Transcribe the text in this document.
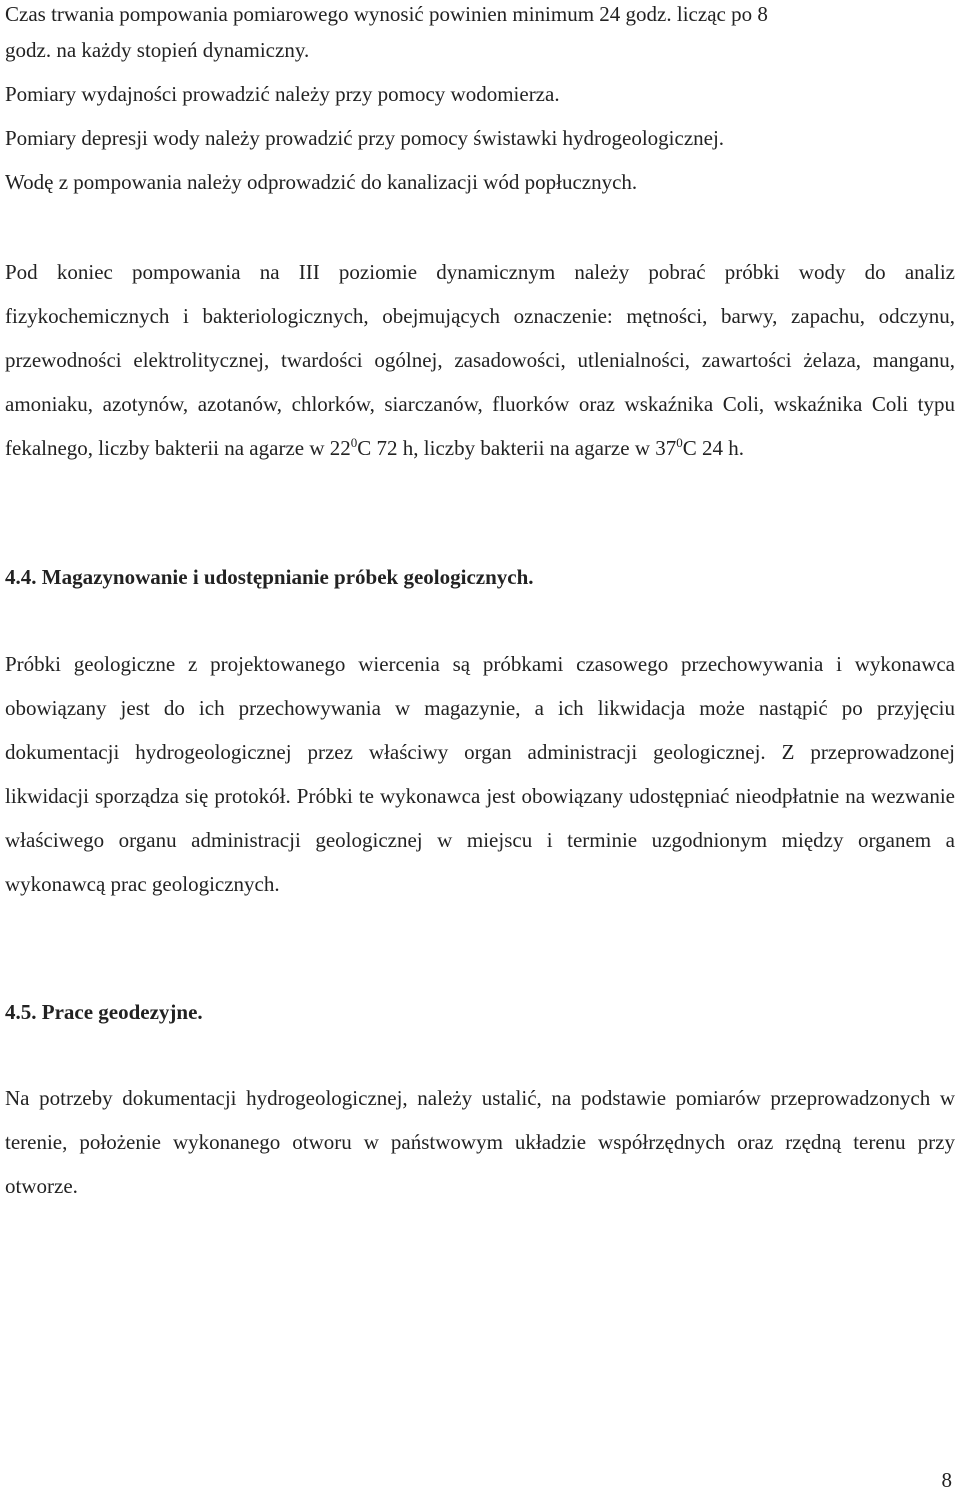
Czas trwania pompowania pomiarowego wynosić powinien minimum 24 godz. licząc po 8
godz. na każdy stopień dynamiczny.
Pomiary wydajności prowadzić należy przy pomocy wodomierza.
Pomiary depresji wody należy prowadzić przy pomocy świstawki hydrogeologicznej.
Wodę z pompowania należy odprowadzić do kanalizacji wód popłucznych.
Pod koniec pompowania na III poziomie dynamicznym należy pobrać próbki wody do analiz fizykochemicznych i bakteriologicznych, obejmujących oznaczenie: mętności, barwy, zapachu, odczynu, przewodności elektrolitycznej, twardości ogólnej, zasadowości, utlenialności, zawartości żelaza, manganu, amoniaku, azotynów, azotanów, chlorków, siarczanów, fluorków oraz wskaźnika Coli, wskaźnika Coli typu fekalnego, liczby bakterii na agarze w $22^0C$ 72 h, liczby bakterii na agarze w $37^0C$ 24 h.
4.4. Magazynowanie i udostępnianie próbek geologicznych.
Próbki geologiczne z projektowanego wiercenia są próbkami czasowego przechowywania i wykonawca obowiązany jest do ich przechowywania w magazynie, a ich likwidacja może nastąpić po przyjęciu dokumentacji hydrogeologicznej przez właściwy organ administracji geologicznej. Z przeprowadzonej likwidacji sporządza się protokół. Próbki te wykonawca jest obowiązany udostępniać nieodpłatnie na wezwanie właściwego organu administracji geologicznej w miejscu i terminie uzgodnionym między organem a wykonawcą prac geologicznych.
4.5. Prace geodezyjne.
Na potrzeby dokumentacji hydrogeologicznej, należy ustalić, na podstawie pomiarów przeprowadzonych w terenie, położenie wykonanego otworu w państwowym układzie współrzędnych oraz rzędną terenu przy otworze.
8
